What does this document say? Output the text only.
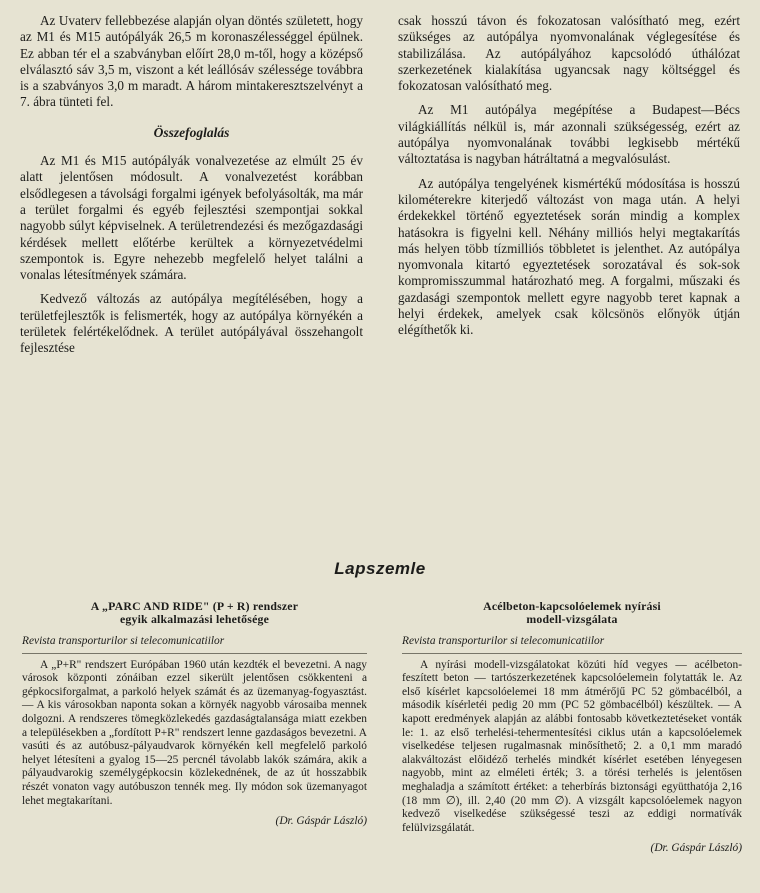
Az Uvaterv fellebbezése alapján olyan döntés született, hogy az M1 és M15 autópályák 26,5 m koronaszélességgel épülnek. Ez abban tér el a szabványban előírt 28,0 m-től, hogy a középső elválasztó sáv 3,5 m, viszont a két leállósáv szélessége továbbra is a szabványos 3,0 m maradt. A három mintakeresztszelvényt a 7. ábra tünteti fel.

Összefoglalás

Az M1 és M15 autópályák vonalvezetése az elmúlt 25 év alatt jelentősen módosult. A vonalvezetést korábban elsődlegesen a távolsági forgalmi igények befolyásolták, ma már a terület forgalmi és egyéb fejlesztési szempontjai sokkal nagyobb súlyt képviselnek. A területrendezési és mezőgazdasági kérdések mellett előtérbe kerültek a környezetvédelmi szempontok is. Egyre nehezebb megfelelő helyet találni a vonalas létesítmények számára.

Kedvező változás az autópálya megítélésében, hogy a területfejlesztők is felismerték, hogy az autópálya környékén a területek felértékelődnek. A terület autópályával összehangolt fejlesztése

csak hosszú távon és fokozatosan valósítható meg, ezért szükséges az autópálya nyomvonalának véglegesítése és stabilizálása. Az autópályához kapcsolódó úthálózat szerkezetének kialakítása ugyancsak nagy költséggel és fokozatosan valósítható meg.

Az M1 autópálya megépítése a Budapest—Bécs világkiállítás nélkül is, már azonnali szükségesség, ezért az autópálya nyomvonalának további legkisebb mértékű változtatása is nagyban hátráltatná a megvalósulást.

Az autópálya tengelyének kismértékű módosítása is hosszú kilométerekre kiterjedő változást von maga után. A helyi érdekekkel történő egyeztetések során mindig a komplex hatásokra is figyelni kell. Néhány milliós helyi megtakarítás más helyen több tízmilliós többletet is jelenthet. Az autópálya nyomvonala kitartó egyeztetések sorozatával és sok-sok kompromisszummal határozható meg. A forgalmi, műszaki és gazdasági szempontok mellett egyre nagyobb teret kapnak a helyi érdekek, amelyek csak kölcsönös előnyök útján elégíthetők ki.

Lapszemle
A „PARC AND RIDE" (P + R) rendszer
egyik alkalmazási lehetősége
Revista transporturilor si telecomunicatiilor

A „P+R" rendszert Európában 1960 után kezdték el bevezetni. A nagy városok központi zónáiban ezzel sikerült jelentősen csökkenteni a gépkocsiforgalmat, a parkoló helyek számát és az üzemanyag-fogyasztást. — A kis városokban naponta sokan a környék nagyobb városaiba mennek dolgozni. A rendszeres tömegközlekedés gazdaságtalansága miatt ezekben a településekben a „fordított P+R" rendszert lenne gazdaságos bevezetni. A vasúti és az autóbusz-pályaudvarok környékén kell megfelelő parkoló helyet létesíteni a gyalog 15—25 percnél távolabb lakók számára, akik a pályaudvarokig személygépkocsin közlekednének, de az út hosszabbik részét vonaton vagy autóbuszon tennék meg. Ily módon sok üzemanyagot lehet megtakarítani.

(Dr. Gáspár László)
Acélbeton-kapcsolóelemek nyírási
modell-vizsgálata
Revista transporturilor si telecomunicatiilor

A nyírási modell-vizsgálatokat közúti híd vegyes — acélbeton-feszített beton — tartószerkezetének kapcsolóelemein folytatták le. Az első kísérlet kapcsolóelemei 18 mm átmérőjű PC 52 gömbacélból, a második kísérletéi pedig 20 mm (PC 52 gömbacélból) készültek. — A kapott eredmények alapján az alábbi fontosabb következtetéseket vonták le: 1. az első terhelési-tehermentesítési ciklus után a kapcsolóelemek viselkedése teljesen rugalmasnak minősíthető; 2. a 0,1 mm maradó alakváltozást előidéző terhelés mindkét kísérlet esetében lényegesen nagyobb, mint az elméleti érték; 3. a törési terhelés is jelentősen meghaladja a számított értéket: a teherbírás biztonsági együtthatója 2,16 (18 mm ∅), ill. 2,40 (20 mm ∅). A vizsgált kapcsolóelemek nagyon kedvező viselkedése szükségessé teszi az eddigi normatívák felülvizsgálatát.

(Dr. Gáspár László)
